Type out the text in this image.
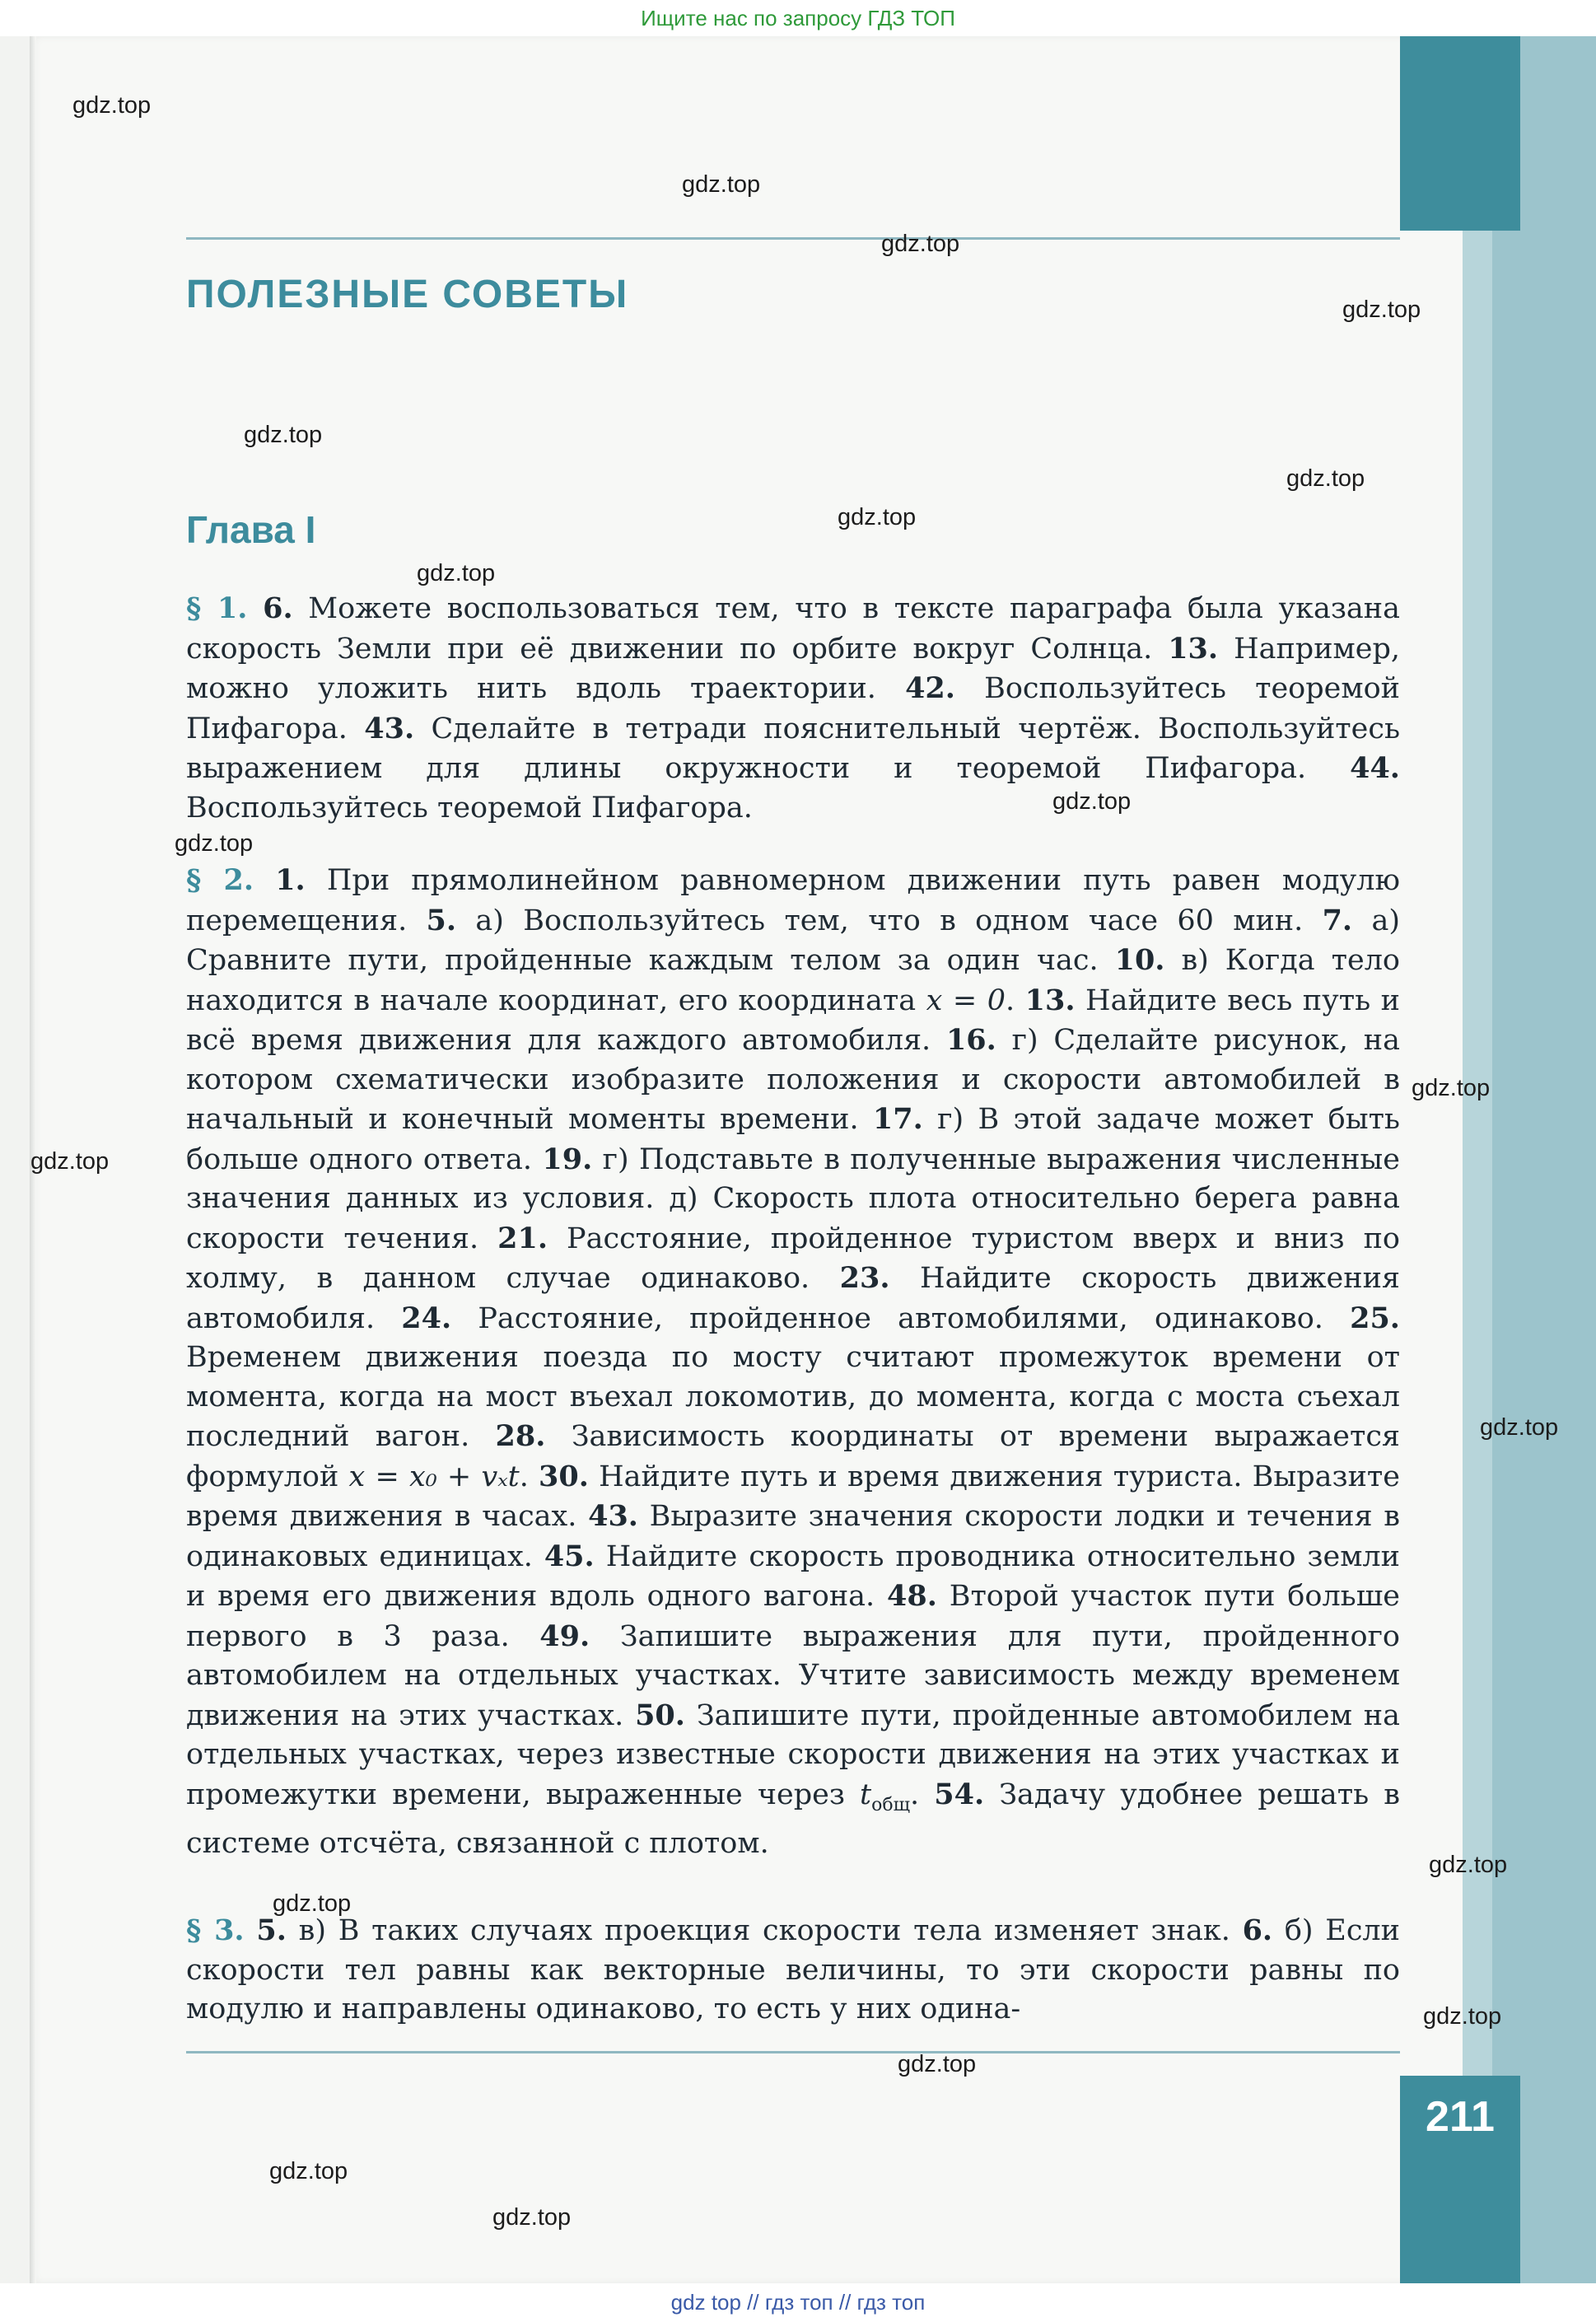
Ищите нас по запросу ГДЗ ТОП
211
ПОЛЕЗНЫЕ СОВЕТЫ
Глава I
§ 1. 6. Можете воспользоваться тем, что в тексте параграфа была указана скорость Земли при её движении по орбите вокруг Солнца. 13. Например, можно уложить нить вдоль траектории. 42. Воспользуйтесь теоремой Пифагора. 43. Сделайте в тетради пояснительный чертёж. Воспользуйтесь выражением для длины окружности и теоремой Пифагора. 44. Воспользуйтесь теоремой Пифагора.
§ 2. 1. При прямолинейном равномерном движении путь равен модулю перемещения. 5. а) Воспользуйтесь тем, что в одном часе 60 мин. 7. а) Сравните пути, пройденные каждым телом за один час. 10. в) Когда тело находится в начале координат, его координата x = 0. 13. Найдите весь путь и всё время движения для каждого автомобиля. 16. г) Сделайте рисунок, на котором схематически изобразите положения и скорости автомобилей в начальный и конечный моменты времени. 17. г) В этой задаче может быть больше одного ответа. 19. г) Подставьте в полученные выражения численные значения данных из условия. д) Скорость плота относительно берега равна скорости течения. 21. Расстояние, пройденное туристом вверх и вниз по холму, в данном случае одинаково. 23. Найдите скорость движения автомобиля. 24. Расстояние, пройденное автомобилями, одинаково. 25. Временем движения поезда по мосту считают промежуток времени от момента, когда на мост въехал локомотив, до момента, когда с моста съехал последний вагон. 28. Зависимость координаты от времени выражается формулой x = x₀ + vₓt. 30. Найдите путь и время движения туриста. Выразите время движения в часах. 43. Выразите значения скорости лодки и течения в одинаковых единицах. 45. Найдите скорость проводника относительно земли и время его движения вдоль одного вагона. 48. Второй участок пути больше первого в 3 раза. 49. Запишите выражения для пути, пройденного автомобилем на отдельных участках. Учтите зависимость между временем движения на этих участках. 50. Запишите пути, пройденные автомобилем на отдельных участках, через известные скорости движения на этих участках и промежутки времени, выраженные через $t_{общ}$. 54. Задачу удобнее решать в системе отсчёта, связанной с плотом.
§ 3. 5. в) В таких случаях проекция скорости тела изменяет знак. 6. б) Если скорости тел равны как векторные величины, то эти скорости равны по модулю и направлены одинаково, то есть у них одина-
gdz.top
gdz.top
gdz.top
gdz.top
gdz.top
gdz.top
gdz.top
gdz.top
gdz.top
gdz.top
gdz.top
gdz.top
gdz.top
gdz.top
gdz.top
gdz.top
gdz.top
gdz.top
gdz.top
gdz top // гдз топ // гдз топ
